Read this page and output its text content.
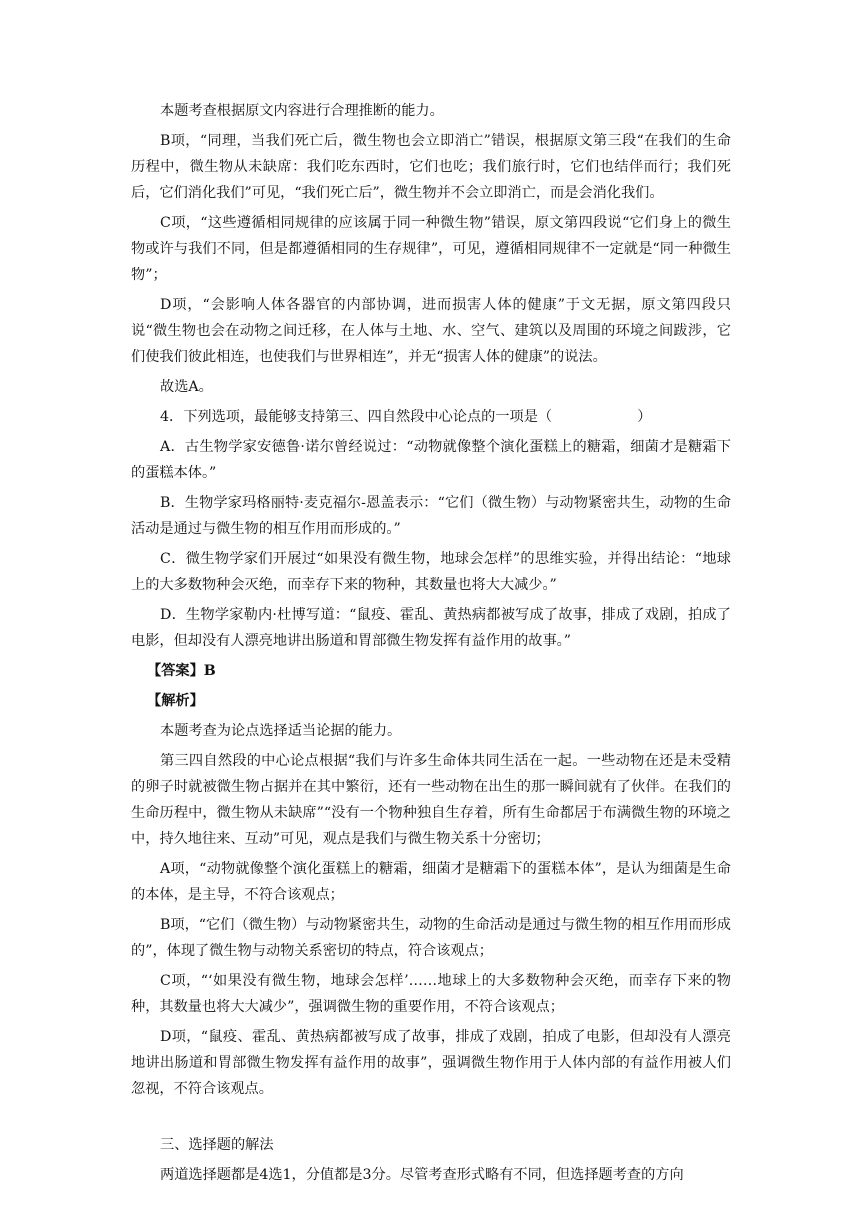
本题考查根据原文内容进行合理推断的能力。

B项，“同理，当我们死亡后，微生物也会立即消亡”错误，根据原文第三段“在我们的生命历程中，微生物从未缺席：我们吃东西时，它们也吃；我们旅行时，它们也结伴而行；我们死后，它们消化我们”可见，“我们死亡后”，微生物并不会立即消亡，而是会消化我们。

C项，“这些遵循相同规律的应该属于同一种微生物”错误，原文第四段说“它们身上的微生物或许与我们不同，但是都遵循相同的生存规律”，可见，遵循相同规律不一定就是“同一种微生物”；

D项，“会影响人体各器官的内部协调，进而损害人体的健康”于文无据，原文第四段只说“微生物也会在动物之间迁移，在人体与土地、水、空气、建筑以及周围的环境之间跋涉，它们使我们彼此相连，也使我们与世界相连”，并无“损害人体的健康”的说法。

故选A。

4．下列选项，最能够支持第三、四自然段中心论点的一项是（　　　　　　）

A．古生物学家安德鲁·诺尔曾经说过：“动物就像整个演化蛋糕上的糖霜，细菌才是糖霜下的蛋糕本体。”

B．生物学家玛格丽特·麦克福尔-恩盖表示：“它们（微生物）与动物紧密共生，动物的生命活动是通过与微生物的相互作用而形成的。”

C．微生物学家们开展过“如果没有微生物，地球会怎样”的思维实验，并得出结论：“地球上的大多数物种会灭绝，而幸存下来的物种，其数量也将大大减少。”

D．生物学家勒内·杜博写道：“鼠疫、霍乱、黄热病都被写成了故事，排成了戏剧，拍成了电影，但却没有人漂亮地讲出肠道和胃部微生物发挥有益作用的故事。”

【答案】B

【解析】

本题考查为论点选择适当论据的能力。

第三四自然段的中心论点根据“我们与许多生命体共同生活在一起。一些动物在还是未受精的卵子时就被微生物占据并在其中繁衍，还有一些动物在出生的那一瞬间就有了伙伴。在我们的生命历程中，微生物从未缺席”“没有一个物种独自生存着，所有生命都居于布满微生物的环境之中，持久地往来、互动”可见，观点是我们与微生物关系十分密切；

A项，“动物就像整个演化蛋糕上的糖霜，细菌才是糖霜下的蛋糕本体”，是认为细菌是生命的本体，是主导，不符合该观点；

B项，“它们（微生物）与动物紧密共生，动物的生命活动是通过与微生物的相互作用而形成的”，体现了微生物与动物关系密切的特点，符合该观点；

C项，“‘如果没有微生物，地球会怎样’……地球上的大多数物种会灭绝，而幸存下来的物种，其数量也将大大减少”，强调微生物的重要作用，不符合该观点；

D项，“鼠疫、霍乱、黄热病都被写成了故事，排成了戏剧，拍成了电影，但却没有人漂亮地讲出肠道和胃部微生物发挥有益作用的故事”，强调微生物作用于人体内部的有益作用被人们忽视，不符合该观点。

三、选择题的解法

两道选择题都是4选1，分值都是3分。尽管考查形式略有不同，但选择题考查的方向
